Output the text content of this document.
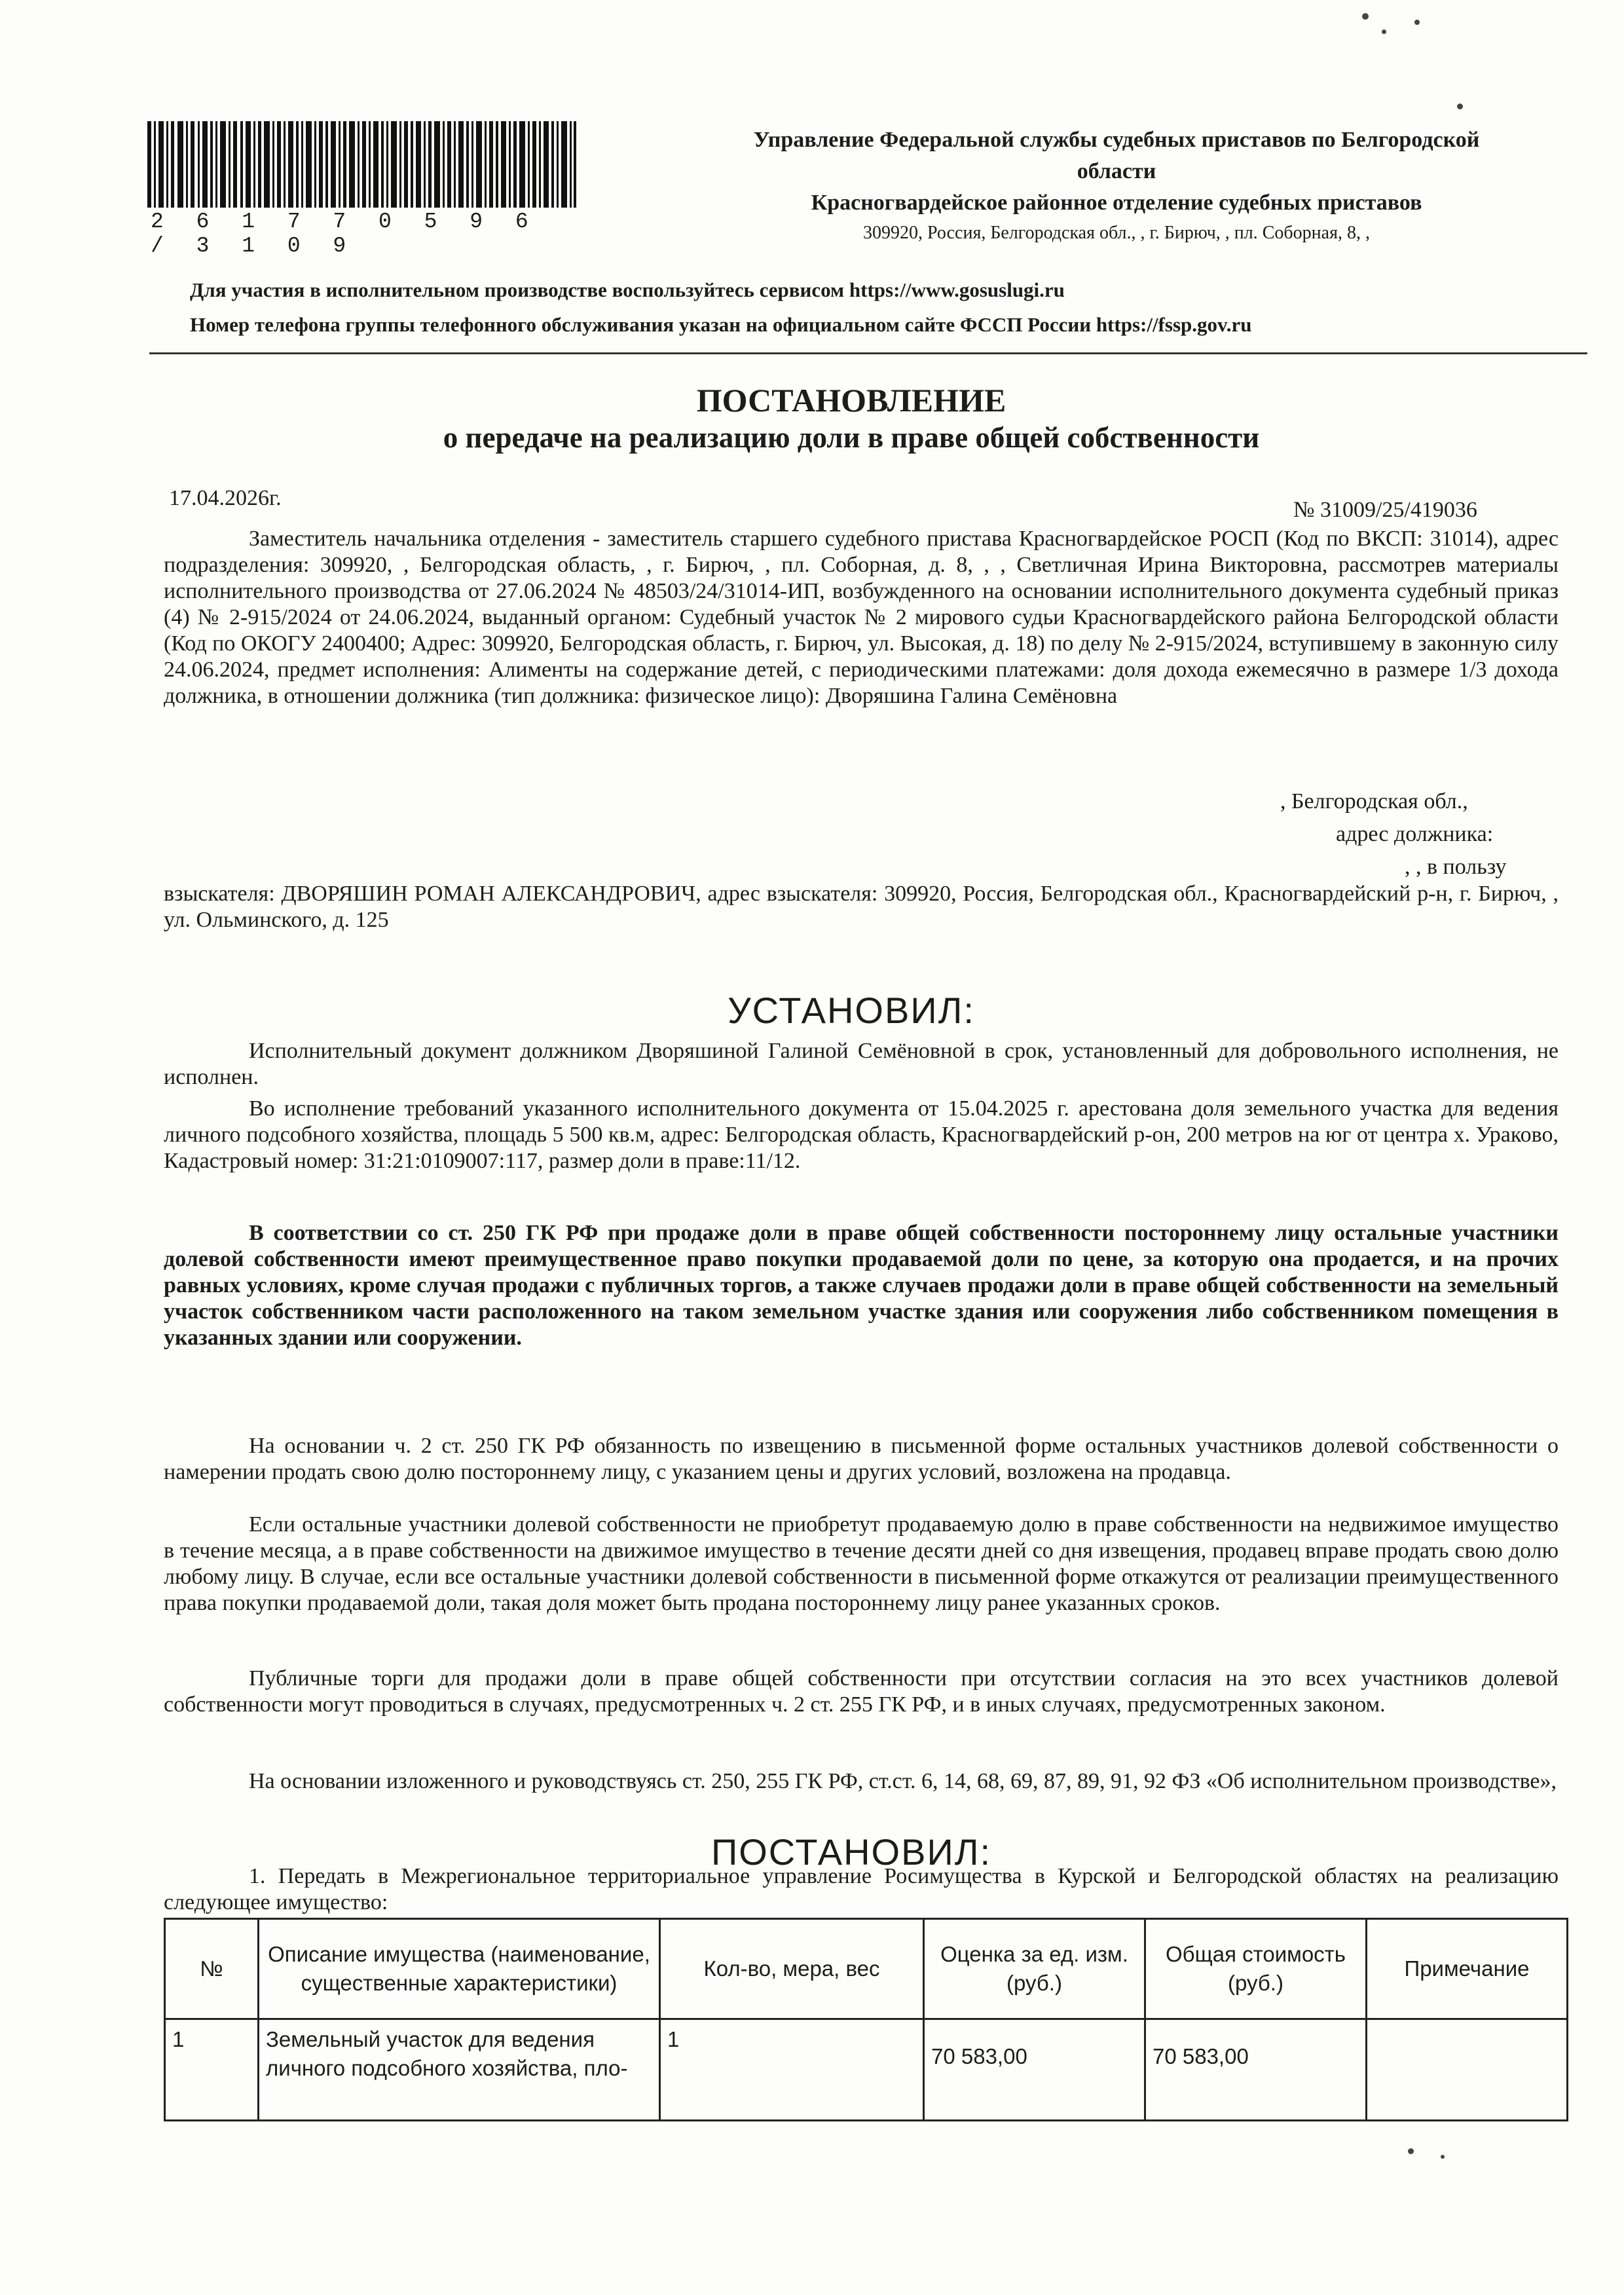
2 6 1 7 7 0 5 9 6 / 3 1 0 9
Управление Федеральной службы судебных приставов по Белгородской
области
Красногвардейское районное отделение судебных приставов
309920, Россия, Белгородская обл., , г. Бирюч, , пл. Соборная, 8, ,
Для участия в исполнительном производстве воспользуйтесь сервисом https://www.gosuslugi.ru
Номер телефона группы телефонного обслуживания указан на официальном сайте ФССП России https://fssp.gov.ru
ПОСТАНОВЛЕНИЕ
о передаче на реализацию доли в праве общей собственности
17.04.2026г.	№ 31009/25/419036

Заместитель начальника отделения - заместитель старшего судебного пристава Красногвардейское РОСП (Код по ВКСП: 31014), адрес подразделения: 309920, , Белгородская область, , г. Бирюч, , пл. Соборная, д. 8, , , Светличная Ирина Викторовна, рассмотрев материалы исполнительного производства от 27.06.2024 № 48503/24/31014-ИП, возбужденного на основании исполнительного документа судебный приказ (4) № 2-915/2024 от 24.06.2024, выданный органом: Судебный участок № 2 мирового судьи Красногвардейского района Белгородской области (Код по ОКОГУ 2400400; Адрес: 309920, Белгородская область, г. Бирюч, ул. Высокая, д. 18) по делу № 2-915/2024, вступившему в законную силу 24.06.2024, предмет исполнения: Алименты на содержание детей, с периодическими платежами: доля дохода ежемесячно в размере 1/3 дохода должника, в отношении должника (тип должника: физическое лицо): Дворяшина Галина Семёновна

, Белгородская обл.,
адрес должника:
, , в пользу

взыскателя: ДВОРЯШИН РОМАН АЛЕКСАНДРОВИЧ, адрес взыскателя: 309920, Россия, Белгородская обл., Красногвардейский р-н, г. Бирюч, , ул. Ольминского, д. 125

УСТАНОВИЛ:

Исполнительный документ должником Дворяшиной Галиной Семёновной в срок, установленный для добровольного исполнения, не исполнен.

Во исполнение требований указанного исполнительного документа от 15.04.2025 г. арестована доля земельного участка для ведения личного подсобного хозяйства, площадь 5 500 кв.м, адрес: Белгородская область, Красногвардейский р-он, 200 метров на юг от центра х. Ураково, Кадастровый номер: 31:21:0109007:117, размер доли в праве:11/12.

В соответствии со ст. 250 ГК РФ при продаже доли в праве общей собственности постороннему лицу остальные участники долевой собственности имеют преимущественное право покупки продаваемой доли по цене, за которую она продается, и на прочих равных условиях, кроме случая продажи с публичных торгов, а также случаев продажи доли в праве общей собственности на земельный участок собственником части расположенного на таком земельном участке здания или сооружения либо собственником помещения в указанных здании или сооружении.

На основании ч. 2 ст. 250 ГК РФ обязанность по извещению в письменной форме остальных участников долевой собственности о намерении продать свою долю постороннему лицу, с указанием цены и других условий, возложена на продавца.

Если остальные участники долевой собственности не приобретут продаваемую долю в праве собственности на недвижимое имущество в течение месяца, а в праве собственности на движимое имущество в течение десяти дней со дня извещения, продавец вправе продать свою долю любому лицу. В случае, если все остальные участники долевой собственности в письменной форме откажутся от реализации преимущественного права покупки продаваемой доли, такая доля может быть продана постороннему лицу ранее указанных сроков.

Публичные торги для продажи доли в праве общей собственности при отсутствии согласия на это всех участников долевой собственности могут проводиться в случаях, предусмотренных ч. 2 ст. 255 ГК РФ, и в иных случаях, предусмотренных законом.

На основании изложенного и руководствуясь ст. 250, 255 ГК РФ, ст.ст. 6, 14, 68, 69, 87, 89, 91, 92 ФЗ «Об исполнительном производстве»,

ПОСТАНОВИЛ:

1. Передать в Межрегиональное территориальное управление Росимущества в Курской и Белгородской областях на реализацию следующее имущество:

№	Описание имущества (наименование, существенные характеристики)	Кол-во, мера, вес	Оценка за ед. изм. (руб.)	Общая стоимость (руб.)	Примечание
1	Земельный участок для ведения личного подсобного хозяйства, пло-	1	70 583,00	70 583,00	
